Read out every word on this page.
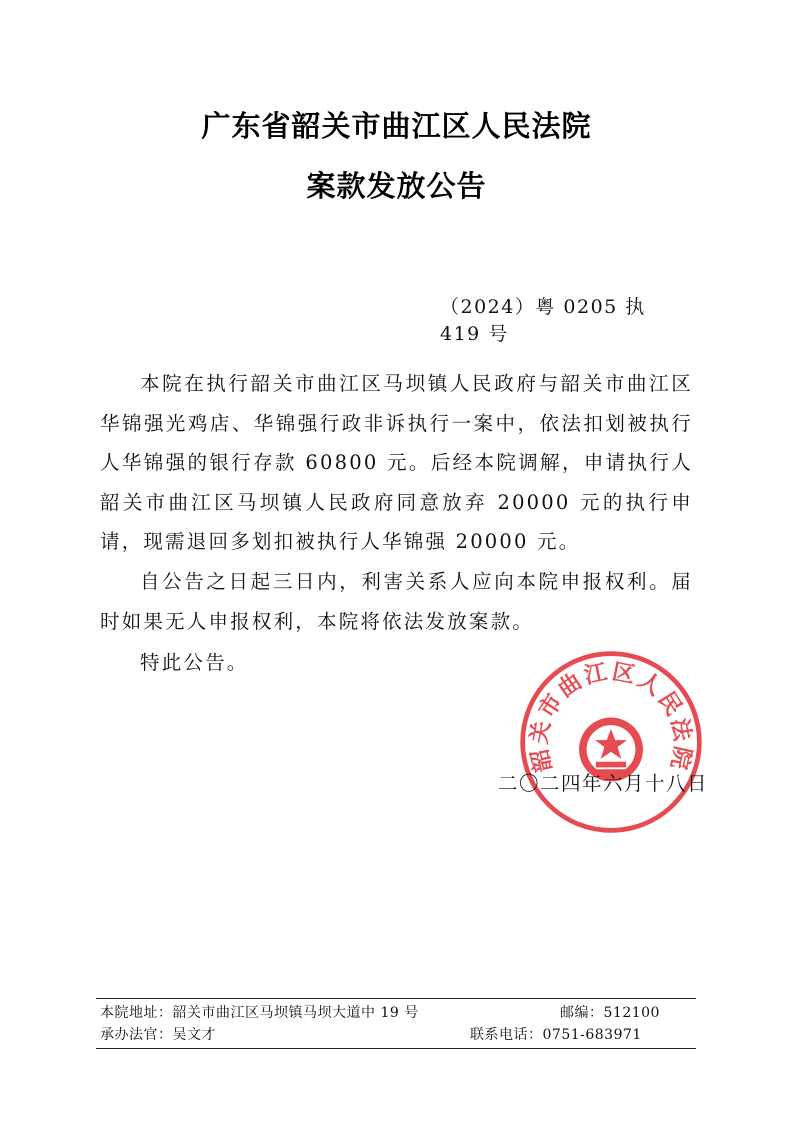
广东省韶关市曲江区人民法院
案款发放公告
（2024）粤 0205 执 419 号

本院在执行韶关市曲江区马坝镇人民政府与韶关市曲江区华锦强光鸡店、华锦强行政非诉执行一案中，依法扣划被执行人华锦强的银行存款 60800 元。后经本院调解，申请执行人韶关市曲江区马坝镇人民政府同意放弃 20000 元的执行申请，现需退回多划扣被执行人华锦强 20000 元。

自公告之日起三日内，利害关系人应向本院申报权利。届时如果无人申报权利，本院将依法发放案款。

特此公告。

韶关市曲江区人民法院
二〇二四年六月十八日
本院地址：韶关市曲江区马坝镇马坝大道中 19 号	邮编：512100
承办法官：吴文才	联系电话：0751-683971
